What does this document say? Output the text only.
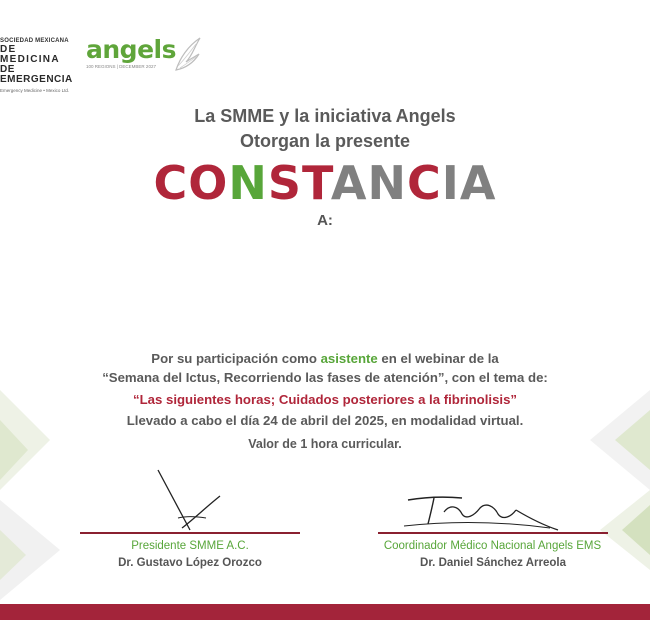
SOCIEDAD MEXICANA
DE MEDICINA
DE EMERGENCIA
Emergency Medicine • Mexico Ltd.
angels
100 REGIONS | DECEMBER 2027
La SMME y la iniciativa Angels
Otorgan la presente
CONSTANCIA
A:
Por su participación como asistente en el webinar de la
“Semana del Ictus, Recorriendo las fases de atención”, con el tema de:
“Las siguientes horas; Cuidados posteriores a la fibrinolisis”
Llevado a cabo el día 24 de abril del 2025, en modalidad virtual.
Valor de 1 hora curricular.
Presidente SMME A.C.
Dr. Gustavo López Orozco
Coordinador Médico Nacional Angels EMS
Dr. Daniel Sánchez Arreola
